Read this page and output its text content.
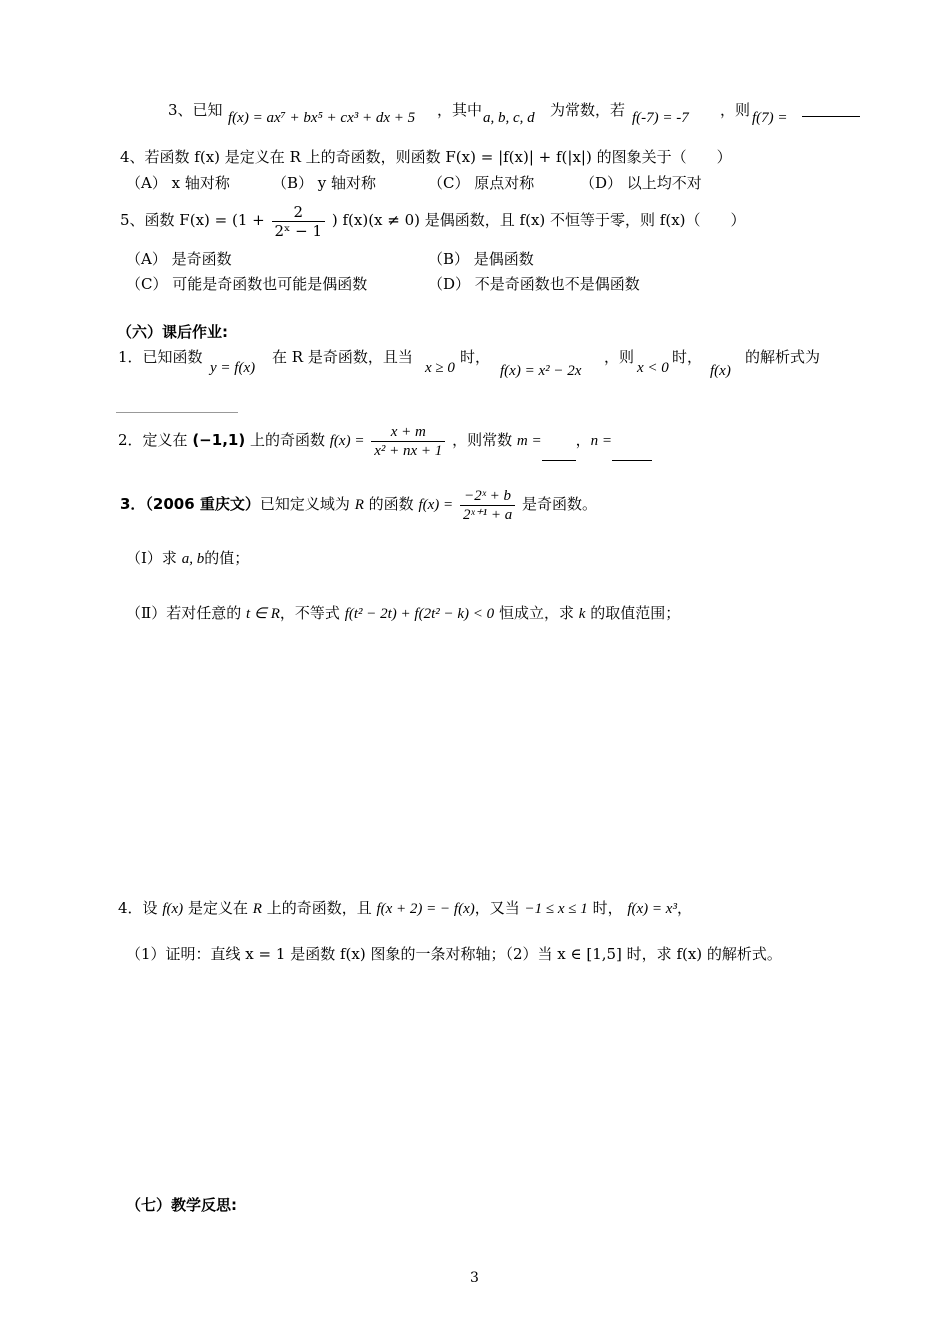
3、已知 f(x) = ax⁷ + bx⁵ + cx³ + dx + 5 ，其中 a, b, c, d 为常数，若 f(-7) = -7 ，则 f(7) =
4、若函数 f(x) 是定义在 R 上的奇函数，则函数 F(x) = |f(x)| + f(|x|) 的图象关于（　　）
（A） x 轴对称	（B） y 轴对称	（C） 原点对称	（D） 以上均不对
5、函数 $F(x) = (1 + \frac{2}{\text{2ˣ − 1}}$ ) f(x)(x ≠ 0) 是偶函数，且 f(x) 不恒等于零，则 f(x)（　　）
（A） 是奇函数	（B） 是偶函数
（C） 可能是奇函数也可能是偶函数	（D） 不是奇函数也不是偶函数
（六）课后作业:
1．已知函数
y = f(x)
在 R 是奇函数，且当
x ≥ 0
时，
f(x) = x² − 2x
，则
x < 0
时，
f(x)
的解析式为
2．定义在 (−1,1) 上的奇函数 $f(x) = \frac{x + m}{\text{x² + nx + 1}}$ ，则常数 m = ，n =
3．（2006 重庆文）已知定义域为 R 的函数 $f(x) = \frac{\text{−2ˣ + b}}{\text{2ˣ⁺¹ + a}}$ 是奇函数。
（Ⅰ）求 a, b的值；
（Ⅱ）若对任意的 t ∈ R，不等式 f(t² − 2t) + f(2t² − k) < 0 恒成立，求 k 的取值范围；
4．设 f(x) 是定义在 R 上的奇函数，且 f(x + 2) = − f(x)，又当 −1 ≤ x ≤ 1 时， f(x) = x³，
（1）证明：直线 x = 1 是函数 f(x) 图象的一条对称轴；（2）当 x ∈ [1,5] 时，求 f(x) 的解析式。
（七）教学反思:
3
